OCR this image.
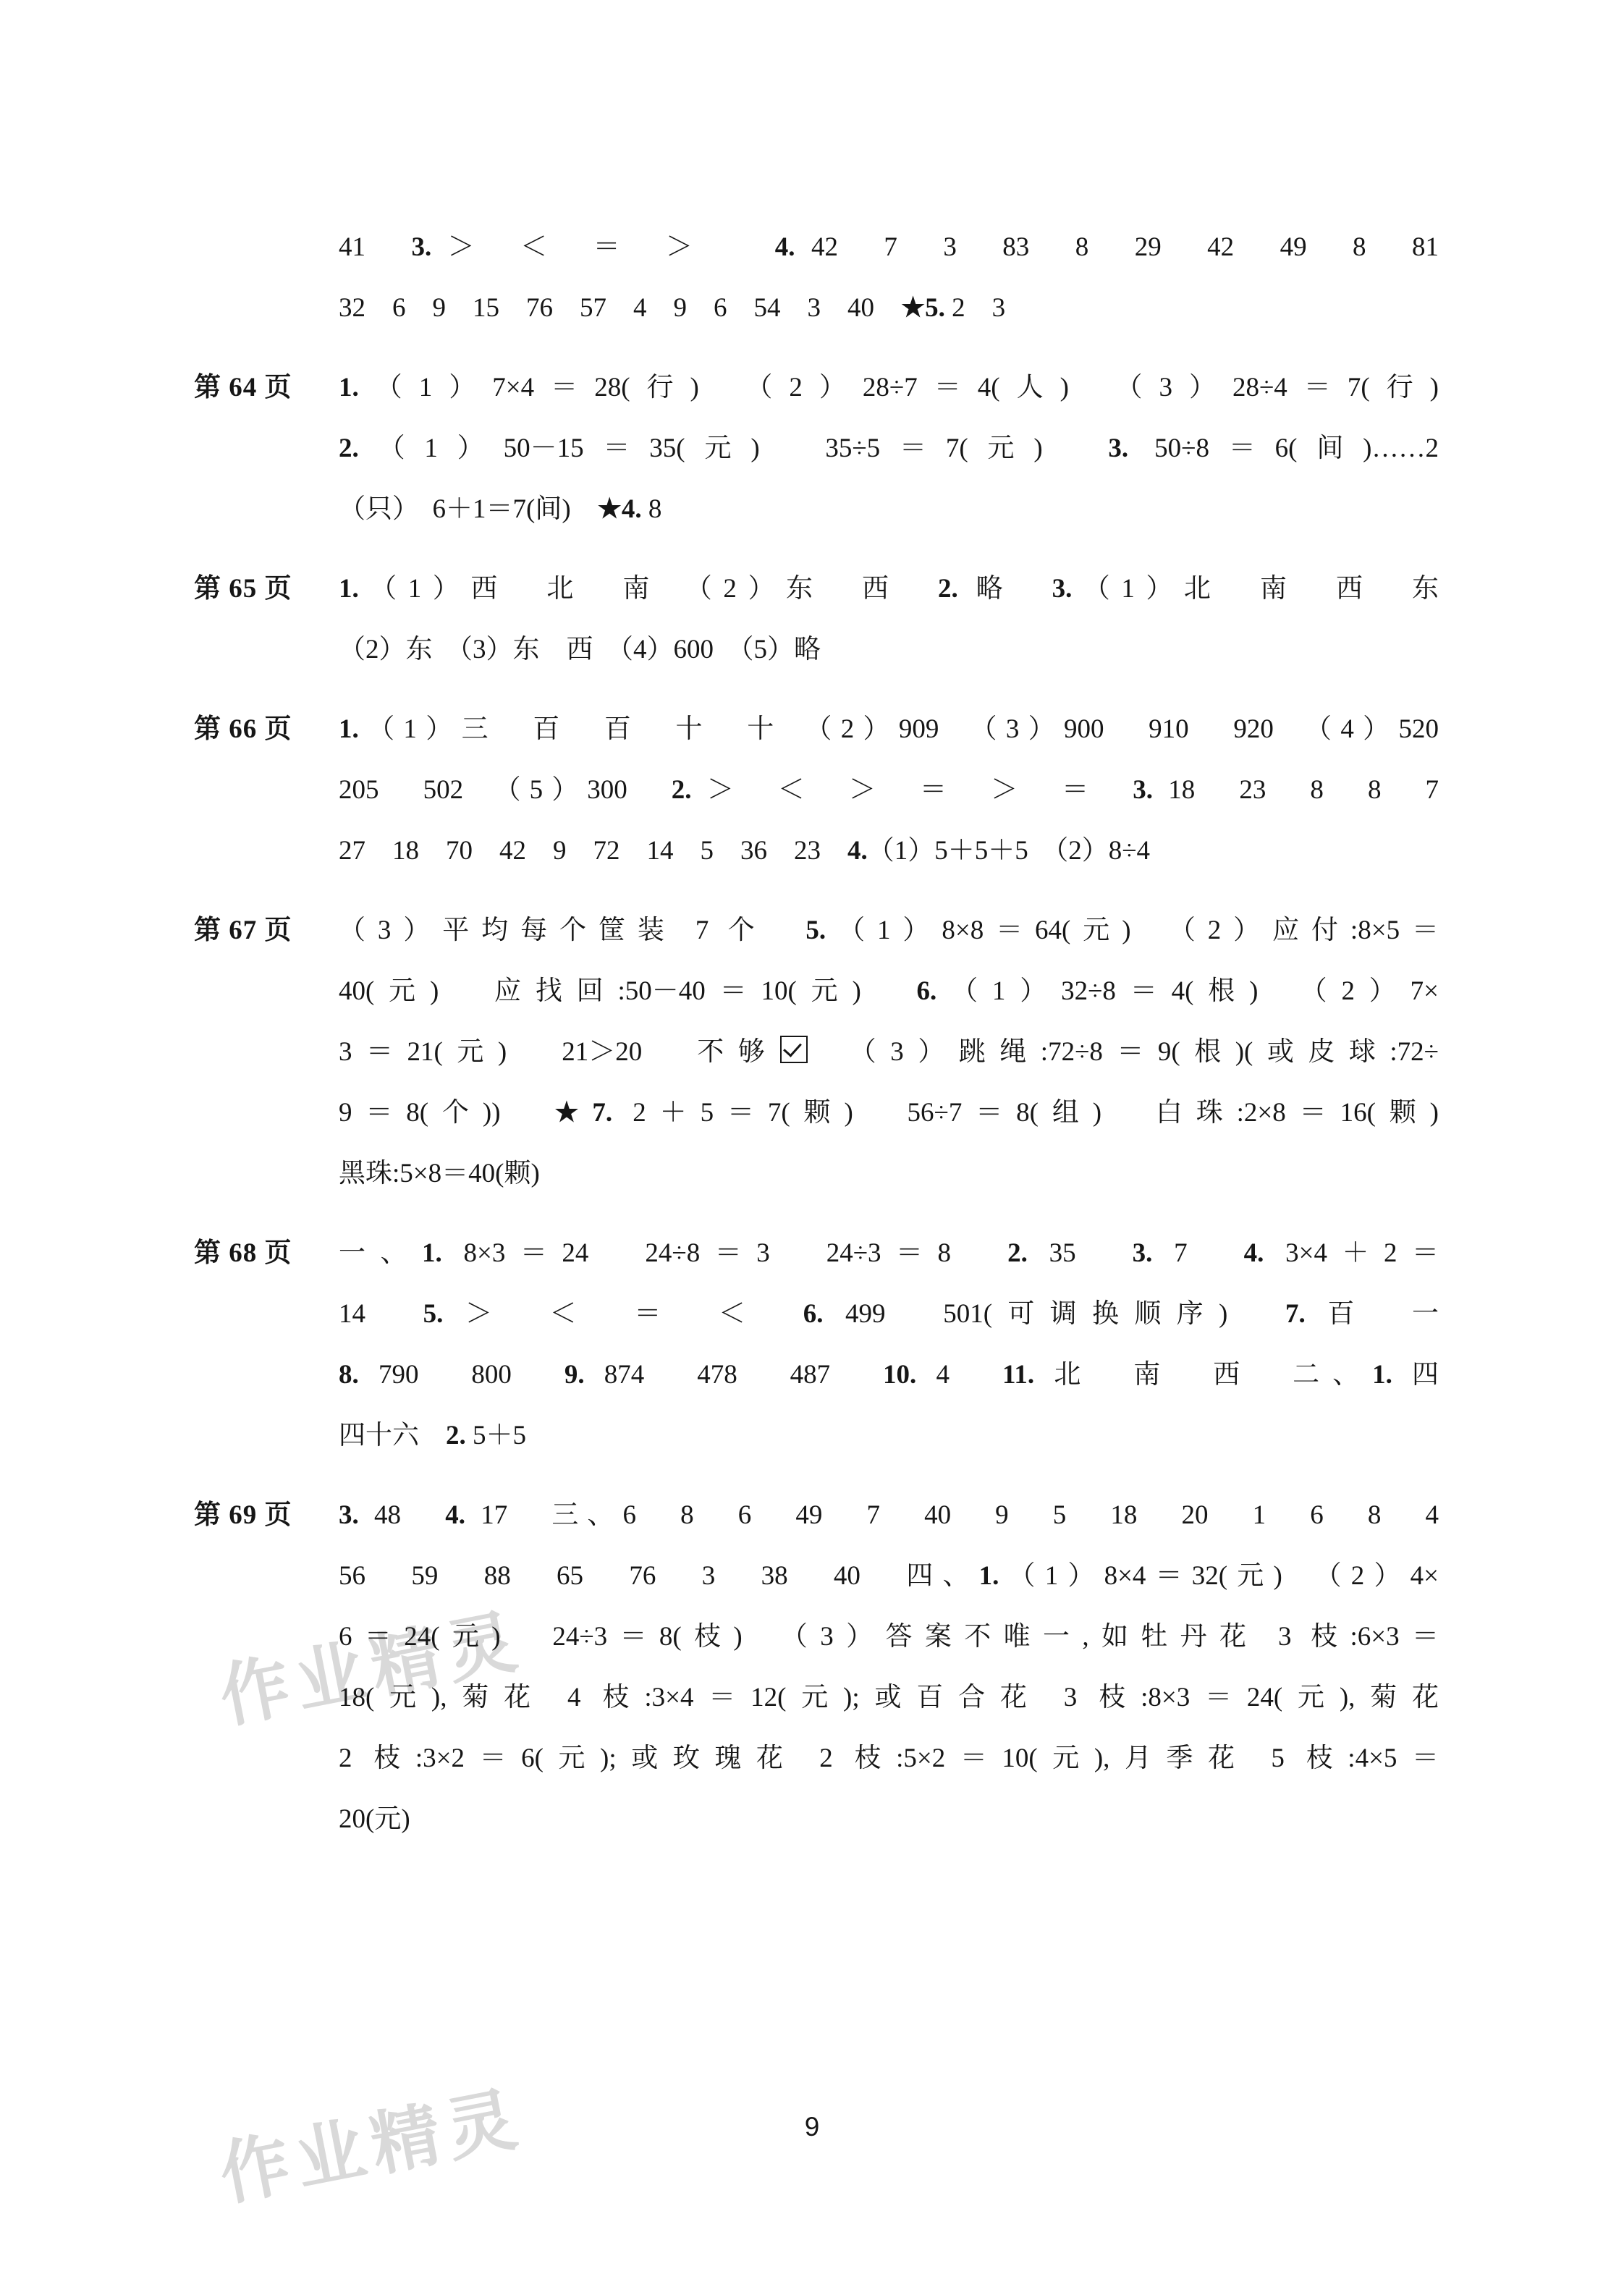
作业精灵
作业精灵
41　3. ＞　＜　＝　＞　　4. 42　7　3　83　8　29　42　49　8　81
32　6　9　15　76　57　4　9　6　54　3　40　★5. 2　3
第 64 页	1.（1）7×4＝28(行)　（2）28÷7＝4(人)　（3）28÷4＝7(行)
2.（1）50－15＝35(元)　35÷5＝7(元)　3. 50÷8＝6(间)……2
（只）　6＋1＝7(间)　★4. 8
第 65 页	1.（1）西　北　南　（2）东　西　2. 略　3.（1）北　南　西　东
（2）东　（3）东　西　（4）600　（5）略
第 66 页	1.（1）三　百　百　十　十　（2）909　（3）900　910　920　（4）520
205　502　（5）300　2. ＞　＜　＞　＝　＞　＝　3. 18　23　8　8　7
27　18　70　42　9　72　14　5　36　23　4.（1）5＋5＋5　（2）8÷4
第 67 页	（3）平均每个筐装 7 个　5.（1）8×8＝64(元)　（2）应付:8×5＝
40(元)　应找回:50－40＝10(元)　6.（1）32÷8＝4(根)　（2）7×
3＝21(元)　21＞20　不够　（3）跳绳:72÷8＝9(根)(或皮球:72÷
9＝8(个))　★7. 2＋5＝7(颗)　56÷7＝8(组)　白珠:2×8＝16(颗)
黑珠:5×8＝40(颗)
第 68 页	一、1. 8×3＝24　24÷8＝3　24÷3＝8　2. 35　3. 7　4. 3×4＋2＝
14　5. ＞　＜　＝　＜　6. 499　501(可调换顺序)　7. 百　一
8. 790　800　9. 874　478　487　10. 4　11. 北　南　西　二、1. 四
四十六　2. 5＋5
第 69 页	3. 48　4. 17　三、6　8　6　49　7　40　9　5　18　20　1　6　8　4
56　59　88　65　76　3　38　40　四、1.（1）8×4＝32(元)　（2）4×
6＝24(元)　24÷3＝8(枝)　（3）答案不唯一,如牡丹花 3 枝:6×3＝
18(元),菊花 4 枝:3×4＝12(元);或百合花 3 枝:8×3＝24(元),菊花
2 枝:3×2＝6(元);或玫瑰花 2 枝:5×2＝10(元),月季花 5 枝:4×5＝
20(元)
9
